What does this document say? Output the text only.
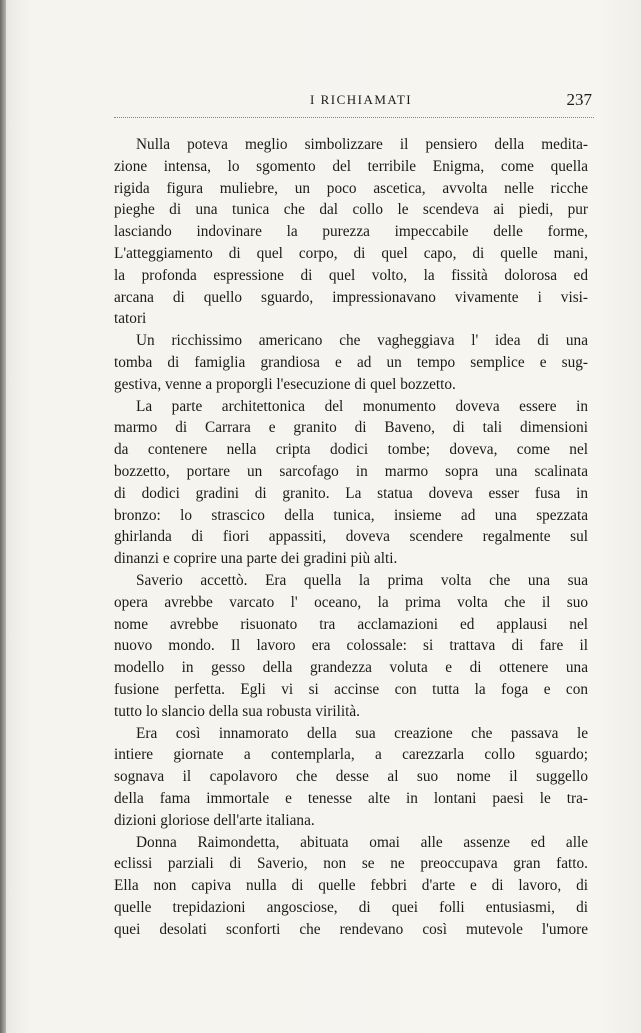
I RICHIAMATI	237
Nulla poteva meglio simbolizzare il pensiero della medita-
zione intensa, lo sgomento del terribile Enigma, come quella
rigida figura muliebre, un poco ascetica, avvolta nelle ricche
pieghe di una tunica che dal collo le scendeva ai piedi, pur
lasciando indovinare la purezza impeccabile delle forme,
L'atteggiamento di quel corpo, di quel capo, di quelle mani,
la profonda espressione di quel volto, la fissità dolorosa ed
arcana di quello sguardo, impressionavano vivamente i visi-
tatori
Un ricchissimo americano che vagheggiava l' idea di una
tomba di famiglia grandiosa e ad un tempo semplice e sug-
gestiva, venne a proporgli l'esecuzione di quel bozzetto.
La parte architettonica del monumento doveva essere in
marmo di Carrara e granito di Baveno, di tali dimensioni
da contenere nella cripta dodici tombe; doveva, come nel
bozzetto, portare un sarcofago in marmo sopra una scalinata
di dodici gradini di granito. La statua doveva esser fusa in
bronzo: lo strascico della tunica, insieme ad una spezzata
ghirlanda di fiori appassiti, doveva scendere regalmente sul
dinanzi e coprire una parte dei gradini più alti.
Saverio accettò. Era quella la prima volta che una sua
opera avrebbe varcato l' oceano, la prima volta che il suo
nome avrebbe risuonato tra acclamazioni ed applausi nel
nuovo mondo. Il lavoro era colossale: si trattava di fare il
modello in gesso della grandezza voluta e di ottenere una
fusione perfetta. Egli vi si accinse con tutta la foga e con
tutto lo slancio della sua robusta virilità.
Era così innamorato della sua creazione che passava le
intiere giornate a contemplarla, a carezzarla collo sguardo;
sognava il capolavoro che desse al suo nome il suggello
della fama immortale e tenesse alte in lontani paesi le tra-
dizioni gloriose dell'arte italiana.
Donna Raimondetta, abituata omai alle assenze ed alle
eclissi parziali di Saverio, non se ne preoccupava gran fatto.
Ella non capiva nulla di quelle febbri d'arte e di lavoro, di
quelle trepidazioni angosciose, di quei folli entusiasmi, di
quei desolati sconforti che rendevano così mutevole l'umore
